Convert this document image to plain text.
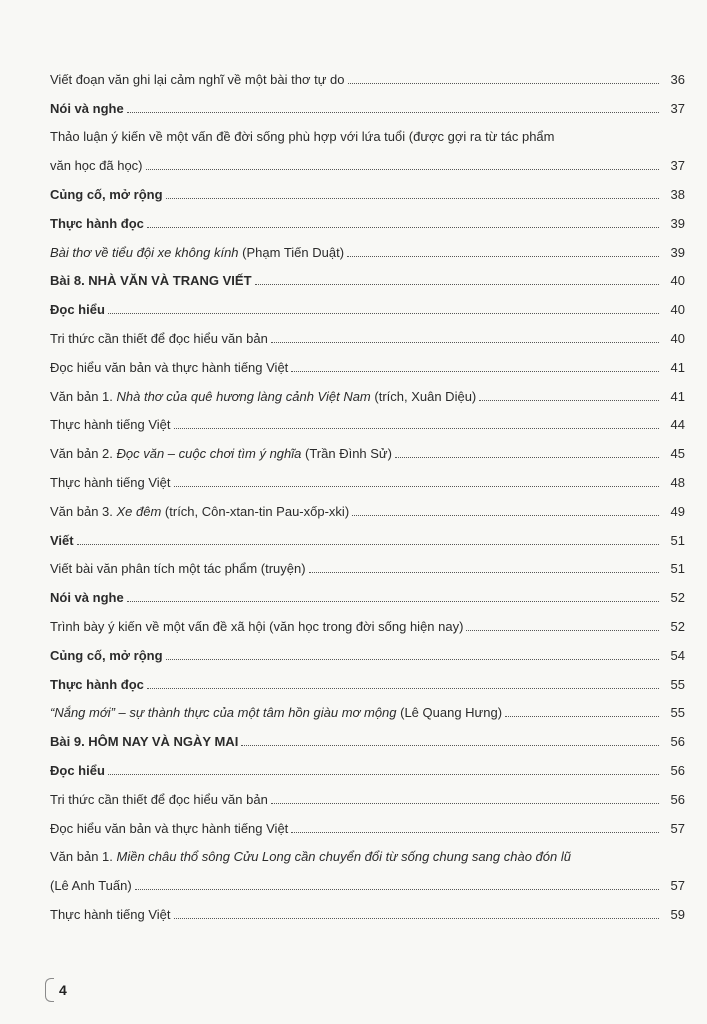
Viết đoạn văn ghi lại cảm nghĩ về một bài thơ tự do	36
Nói và nghe	37
Thảo luận ý kiến về một vấn đề đời sống phù hợp với lứa tuổi (được gợi ra từ tác phẩm
văn học đã học)	37
Củng cố, mở rộng	38
Thực hành đọc	39
Bài thơ về tiểu đội xe không kính (Phạm Tiến Duật)	39
Bài 8. NHÀ VĂN VÀ TRANG VIẾT	40
Đọc hiểu	40
Tri thức cần thiết để đọc hiểu văn bản	40
Đọc hiểu văn bản và thực hành tiếng Việt	41
Văn bản 1. Nhà thơ của quê hương làng cảnh Việt Nam (trích, Xuân Diệu)	41
Thực hành tiếng Việt	44
Văn bản 2. Đọc văn – cuộc chơi tìm ý nghĩa (Trần Đình Sử)	45
Thực hành tiếng Việt	48
Văn bản 3. Xe đêm (trích, Côn-xtan-tin Pau-xốp-xki)	49
Viết	51
Viết bài văn phân tích một tác phẩm (truyện)	51
Nói và nghe	52
Trình bày ý kiến về một vấn đề xã hội (văn học trong đời sống hiện nay)	52
Củng cố, mở rộng	54
Thực hành đọc	55
“Nắng mới” – sự thành thực của một tâm hồn giàu mơ mộng (Lê Quang Hưng)	55
Bài 9. HÔM NAY VÀ NGÀY MAI	56
Đọc hiểu	56
Tri thức cần thiết để đọc hiểu văn bản	56
Đọc hiểu văn bản và thực hành tiếng Việt	57
Văn bản 1. Miền châu thổ sông Cửu Long cần chuyển đổi từ sống chung sang chào đón lũ
(Lê Anh Tuấn)	57
Thực hành tiếng Việt	59
4
